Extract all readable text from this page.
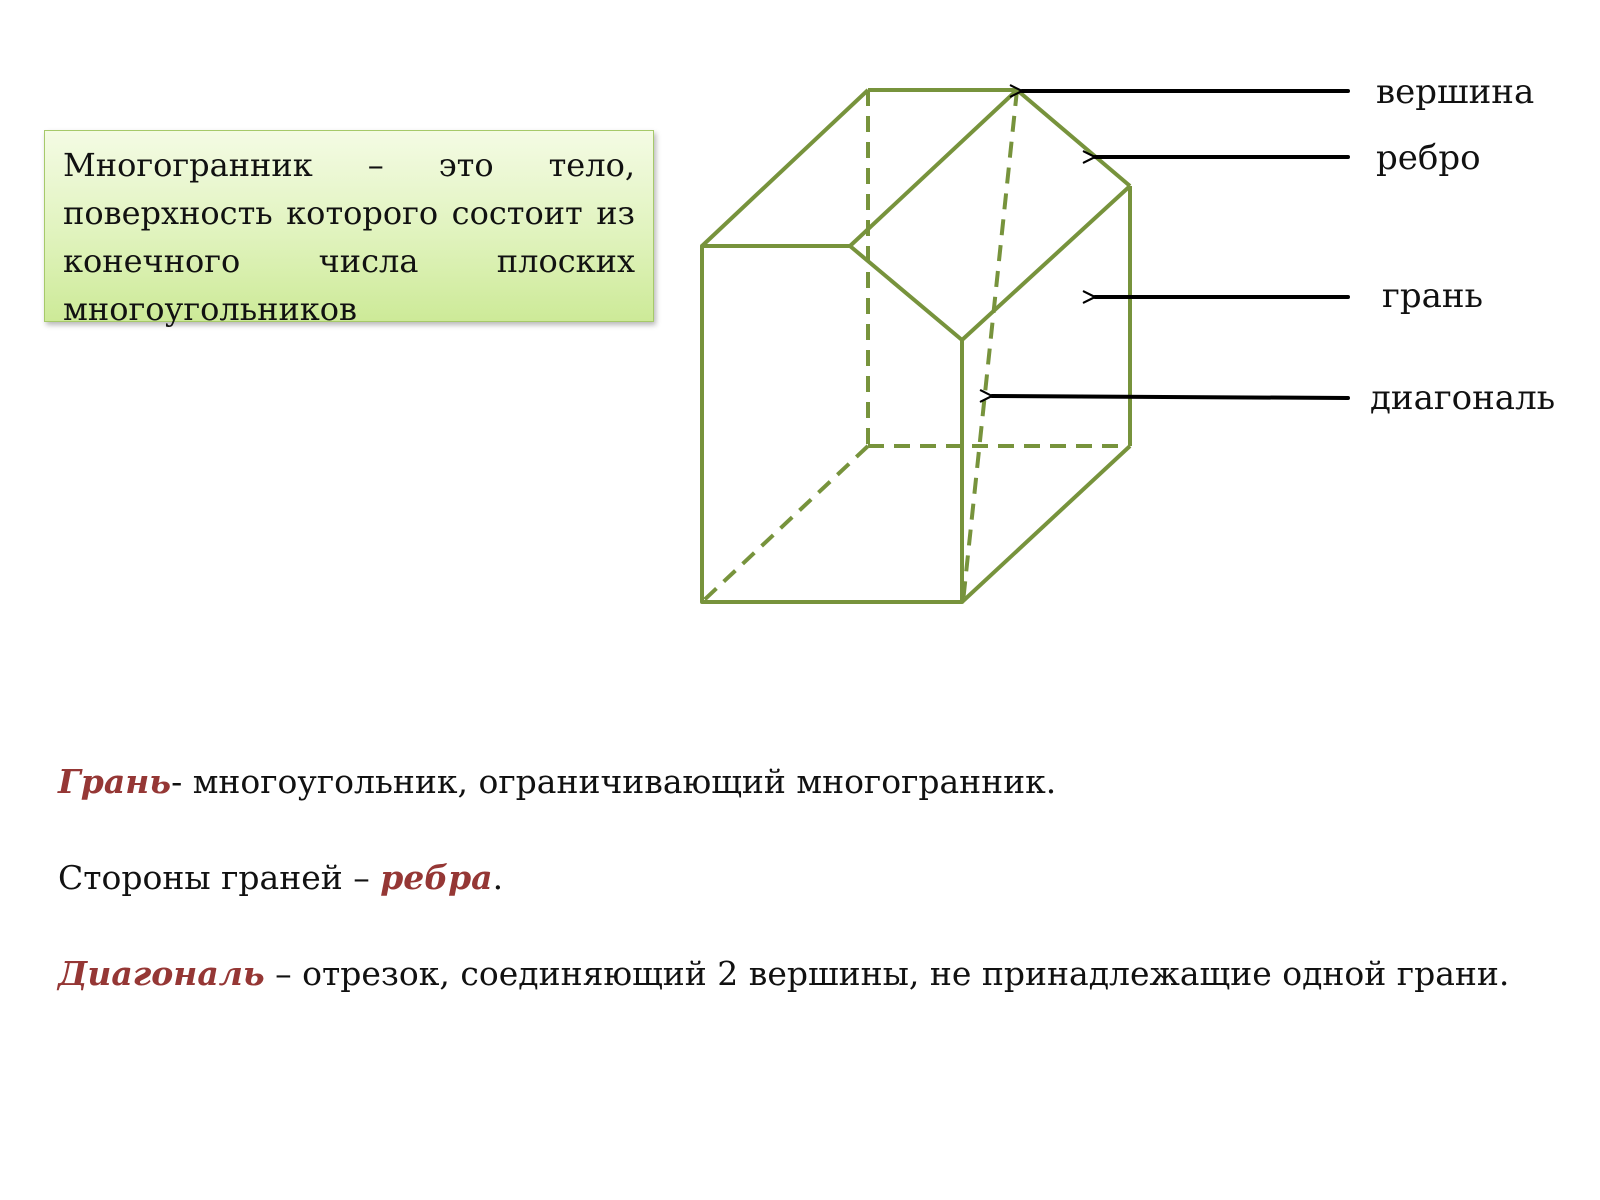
Многогранник – это тело, поверхность которого состоит из конечного числа плоских многоугольников
вершина
ребро
грань
диагональ

Грань- многоугольник, ограничивающий многогранник.

Стороны граней – ребра.

Диагональ – отрезок, соединяющий 2 вершины, не принадлежащие одной грани.
